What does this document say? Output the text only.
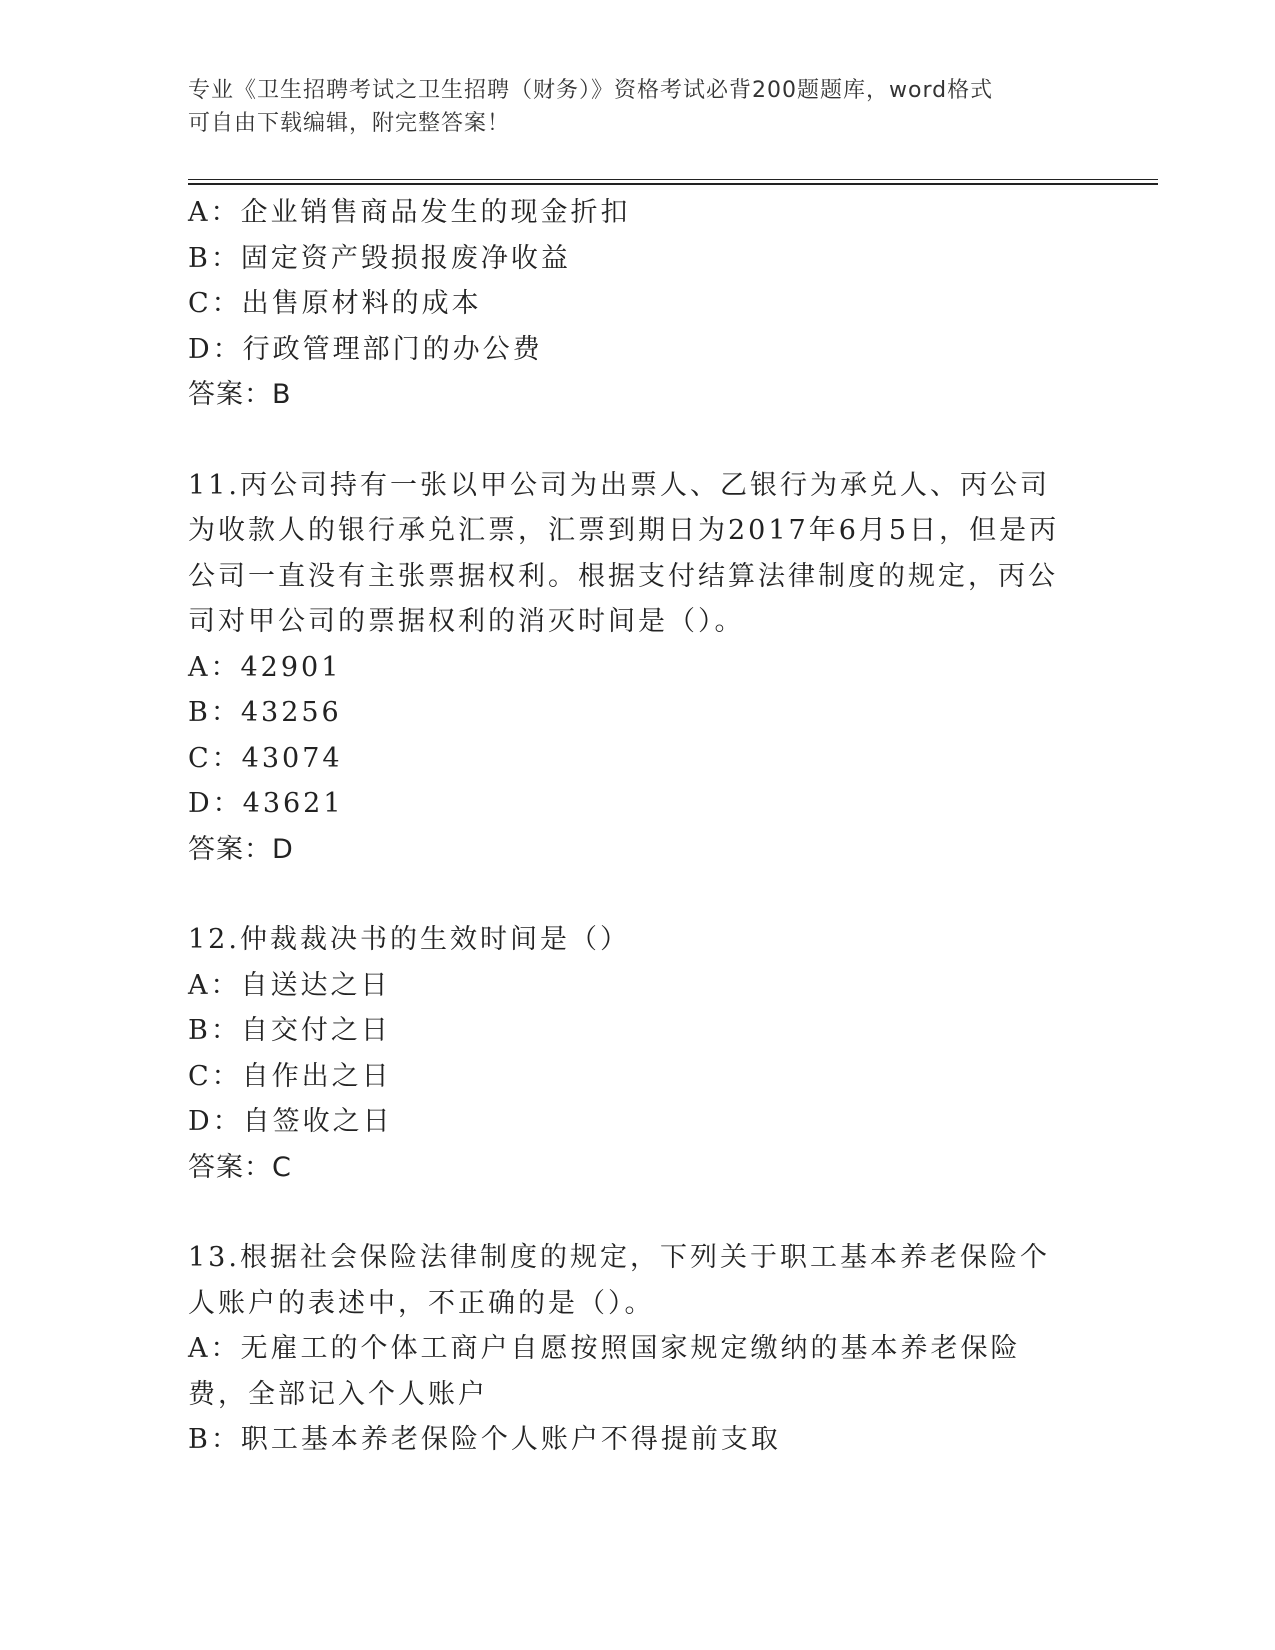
专业《卫生招聘考试之卫生招聘（财务）》资格考试必背200题题库，word格式
可自由下载编辑，附完整答案！
A：企业销售商品发生的现金折扣
B：固定资产毁损报废净收益
C：出售原材料的成本
D：行政管理部门的办公费
答案：B
11.丙公司持有一张以甲公司为出票人、乙银行为承兑人、丙公司为收款人的银行承兑汇票，汇票到期日为2017年6月5日，但是丙公司一直没有主张票据权利。根据支付结算法律制度的规定，丙公司对甲公司的票据权利的消灭时间是（）。
A：42901
B：43256
C：43074
D：43621
答案：D
12.仲裁裁决书的生效时间是（）
A：自送达之日
B：自交付之日
C：自作出之日
D：自签收之日
答案：C
13.根据社会保险法律制度的规定，下列关于职工基本养老保险个人账户的表述中，不正确的是（）。
A：无雇工的个体工商户自愿按照国家规定缴纳的基本养老保险费，全部记入个人账户
B：职工基本养老保险个人账户不得提前支取
